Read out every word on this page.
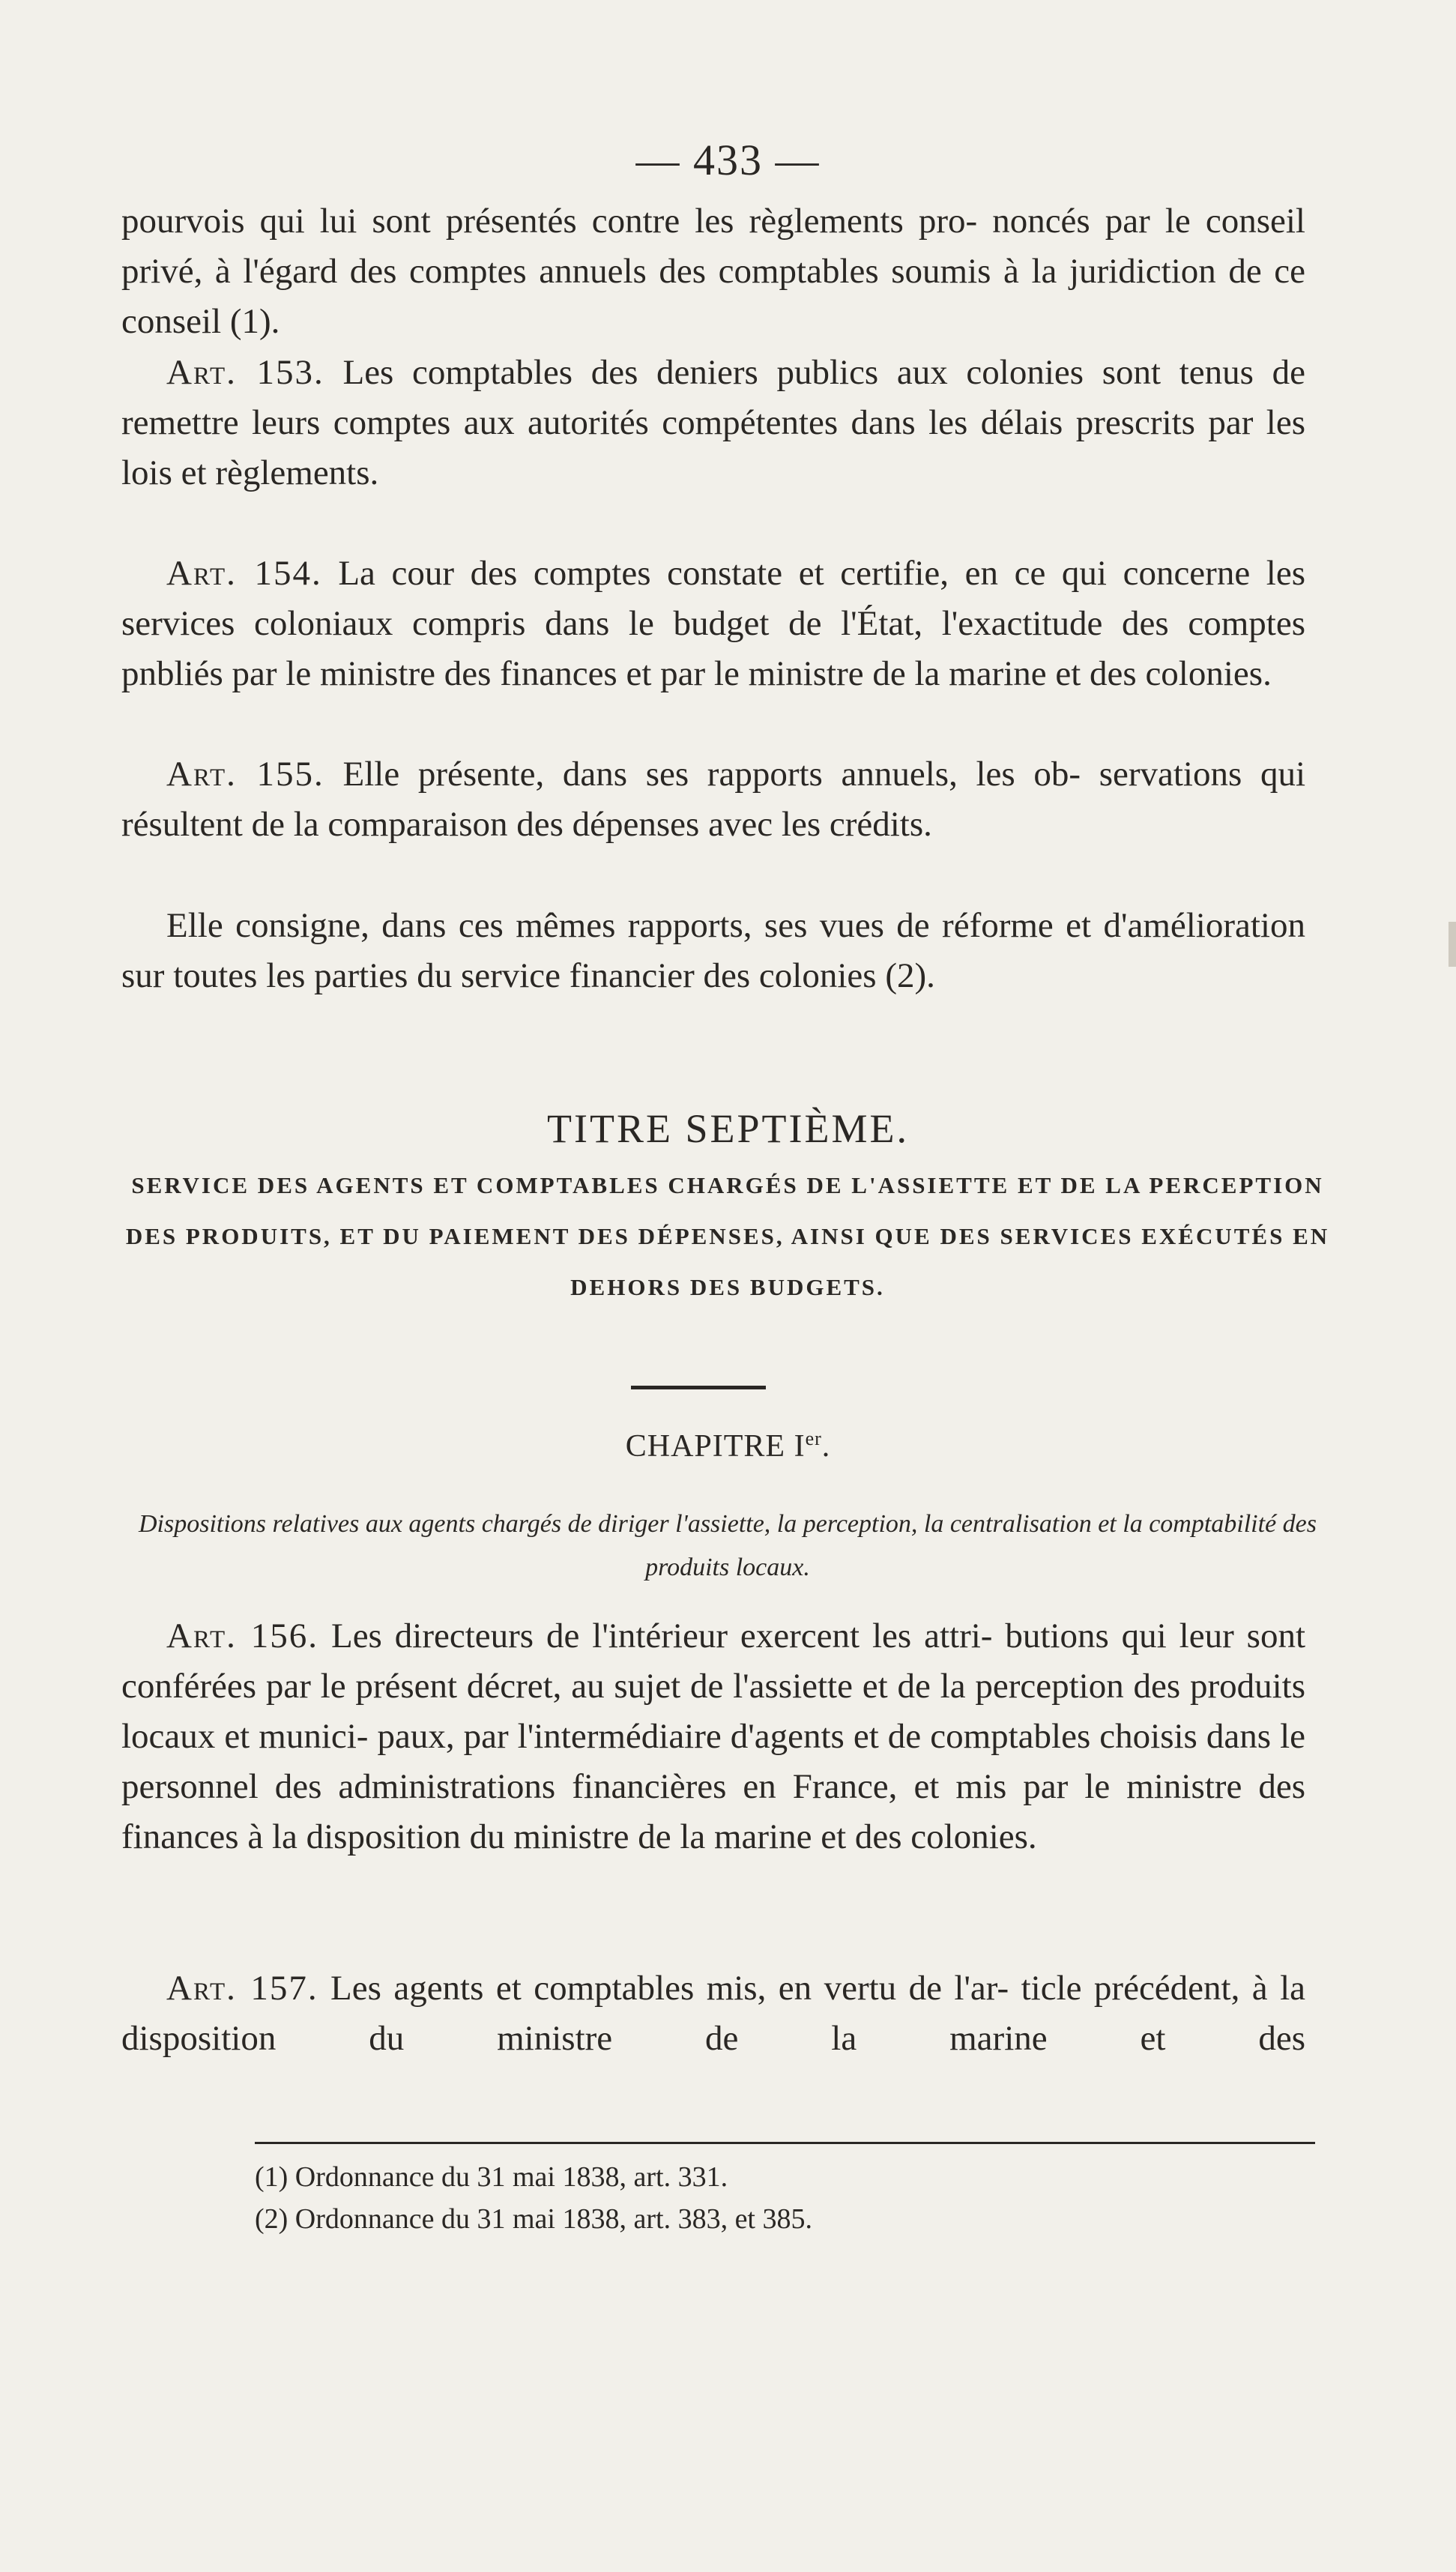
— 433 —
pourvois qui lui sont présentés contre les règlements pro- noncés par le conseil privé, à l'égard des comptes annuels des comptables soumis à la juridiction de ce conseil (1).
Art. 153. Les comptables des deniers publics aux colonies sont tenus de remettre leurs comptes aux autorités compétentes dans les délais prescrits par les lois et règlements.
Art. 154. La cour des comptes constate et certifie, en ce qui concerne les services coloniaux compris dans le budget de l'État, l'exactitude des comptes pnbliés par le ministre des finances et par le ministre de la marine et des colonies.
Art. 155. Elle présente, dans ses rapports annuels, les ob- servations qui résultent de la comparaison des dépenses avec les crédits.
Elle consigne, dans ces mêmes rapports, ses vues de réforme et d'amélioration sur toutes les parties du service financier des colonies (2).
TITRE SEPTIÈME.
SERVICE DES AGENTS ET COMPTABLES CHARGÉS DE L'ASSIETTE ET DE LA PERCEPTION DES PRODUITS, ET DU PAIEMENT DES DÉPENSES, AINSI QUE DES SERVICES EXÉCUTÉS EN DEHORS DES BUDGETS.
CHAPITRE Ier.
Dispositions relatives aux agents chargés de diriger l'assiette, la perception, la centralisation et la comptabilité des produits locaux.
Art. 156. Les directeurs de l'intérieur exercent les attri- butions qui leur sont conférées par le présent décret, au sujet de l'assiette et de la perception des produits locaux et munici- paux, par l'intermédiaire d'agents et de comptables choisis dans le personnel des administrations financières en France, et mis par le ministre des finances à la disposition du ministre de la marine et des colonies.
Art. 157. Les agents et comptables mis, en vertu de l'ar- ticle précédent, à la disposition du ministre de la marine et des
(1) Ordonnance du 31 mai 1838, art. 331.
(2) Ordonnance du 31 mai 1838, art. 383, et 385.
